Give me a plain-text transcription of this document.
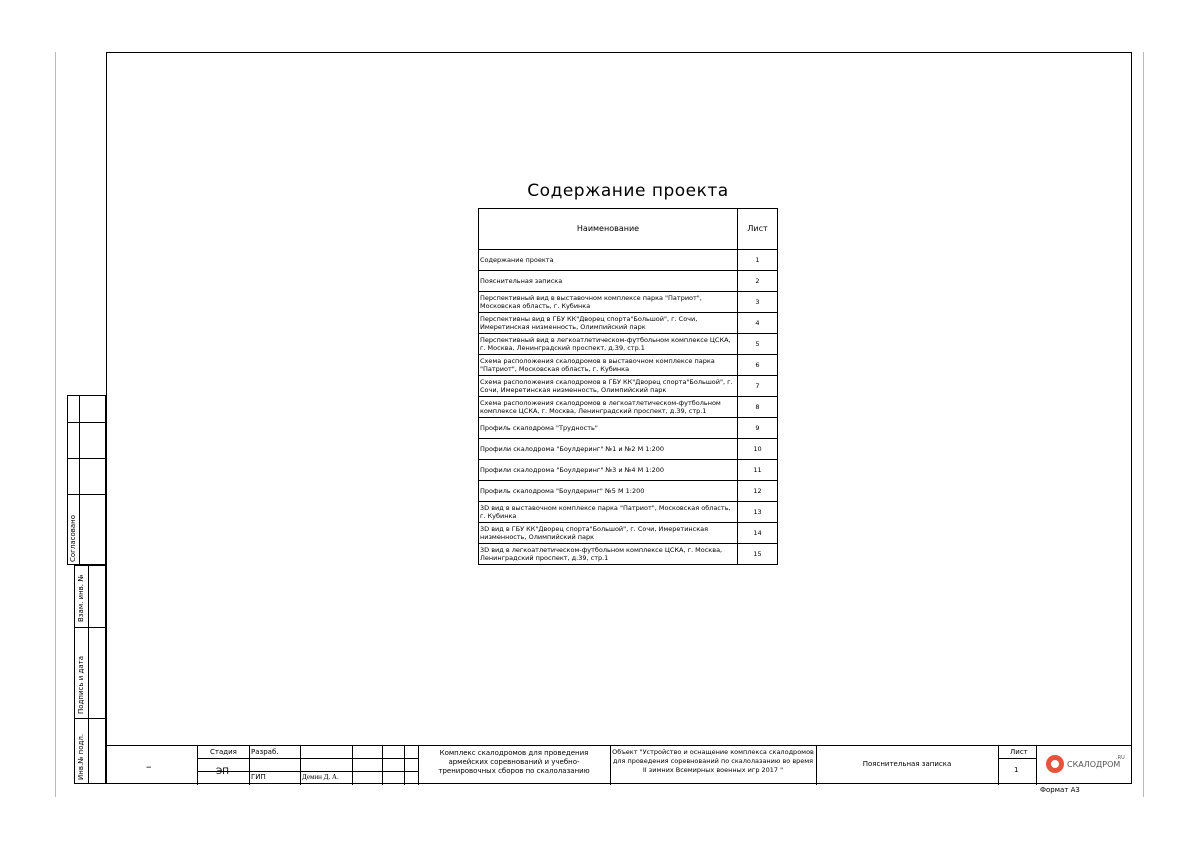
Содержание проекта
Наименование	Лист
Содержание проекта	1
Пояснительная записка	2
Перспективный вид в выставочном комплексе парка "Патриот", Московская область, г. Кубинка	3
Перспективны вид в ГБУ КК"Дворец спорта"Большой", г. Сочи, Имеретинская низменность, Олимпийский парк	4
Перспективный вид в легкоатлетическом-футбольном комплексе ЦСКА, г. Москва, Ленинградский проспект, д.39, стр.1	5
Схема расположения скалодромов в выставочном комплексе парка "Патриот", Московская область, г. Кубинка	6
Схема расположения скалодромов в ГБУ КК"Дворец спорта"Большой", г. Сочи, Имеретинская низменность, Олимпийский парк	7
Схема расположения скалодромов в легкоатлетическом-футбольном комплексе ЦСКА, г. Москва, Ленинградский проспект, д.39, стр.1	8
Профиль скалодрома "Трудность"	9
Профили скалодрома "Боулдеринг" №1 и №2 М 1:200	10
Профили скалодрома "Боулдеринг" №3 и №4 М 1:200	11
Профиль скалодрома "Боулдеринг" №5 М 1:200	12
3D вид в выставочном комплексе парка "Патриот", Московская область, г. Кубинка	13
3D вид в ГБУ КК"Дворец спорта"Большой", г. Сочи, Имеретинская низменность, Олимпийский парк	14
3D вид в легкоатлетическом-футбольном комплексе ЦСКА, г. Москва, Ленинградский проспект, д.39, стр.1	15
Согласовано
Взам. инв. №
Подпись и дата
Инв.№ подл.	–
Стадия
ЭП
Разраб.
ГИП	Демин Д. А.
Комплекс скалодромов для проведения армейских соревнований и учебно-тренировочных сборов по скалолазанию
Объект "Устройство и оснащение комплекса скалодромов для проведения соревнований по скалолазанию во время II зимних Всемирных военных игр 2017 "
Пояснительная записка
Лист
1
СКАЛОДРОМ
.RU
Формат А3
